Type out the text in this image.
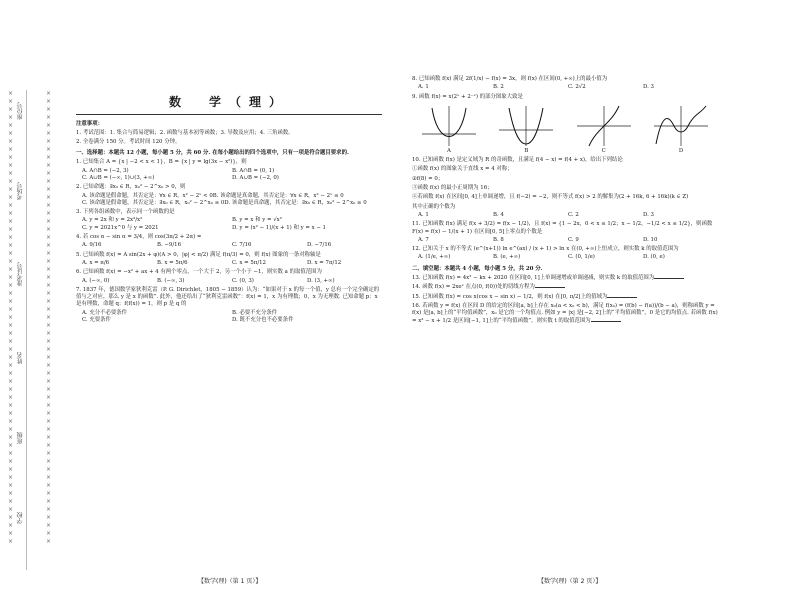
× × × × × × × × × × × × × × × × × × × × × × × × × × × × × × × × × × × × × × × × × × × × × × × × × × × × × × × × ×
× × × × × × × × × × × × × × × × × × × × × × × × × × × × × × × × × × × × × × × × × × × × × × × × × × × × × × × × ×
座位号
考场号
准考证号
姓名
班级
学校
数　学（理）
注意事项：

1. 考试范围：1. 集合与简易逻辑；2. 函数与基本初等函数；3. 导数及应用；4. 三角函数。

2. 全卷满分 150 分。考试时间 120 分钟。

一、选择题：本题共 12 小题，每小题 5 分，共 60 分. 在每小题给出的四个选项中，只有一项是符合题目要求的.
1. 已知集合 A = {x | −2 < x < 1}，B = {x | y = lg(3x − x²)}，则
A. A∩B = (−2, 3)	B. A∩B = (0, 1)
C. A∪B = (−∞, 1)∪(3, +∞)	D. A∪B = (−2, 0)
2. 已知命题：∃x₀ ∈ R，x₀² − 2^x₀ > 0，则
A. 该命题是假命题，其否定是：∀x ∈ R，x² − 2ˣ < 0 B. 该命题是真命题，其否定是：∀x ∈ R，x² − 2ˣ ≤ 0
C. 该命题是假命题，其否定是：∃x₀ ∈ R，x₀² − 2^x₀ ≤ 0 D. 该命题是真命题，其否定是：∃x₀ ∈ R，x₀² − 2^x₀ ≥ 0
3. 下列各组函数中，表示同一个函数的是
A. y = 2x 和 y = 2x³/x²	B. y = x 和 y = √x²
C. y = 2021x^0 与 y = 2021	D. y = (x² − 1)/(x + 1) 和 y = x − 1
4. 若 cos α − sin α = 3/4，则 cos(3π/2 + 2α) =
A. 9/16	B. −9/16	C. 7/16	D. −7/16
5. 已知函数 f(x) = A sin(2x + φ)(A > 0，|φ| < π/2) 满足 f(π/3) = 0，则 f(x) 图象的一条对称轴是
A. x = π/6	B. x = 5π/6	C. x = 5π/12	D. x = 7π/12
6. 已知函数 f(x) = −x² + ax + 4 有两个零点，一个大于 2，另一个小于 −1，则实数 a 的取值范围为
A. (−∞, 0)	B. (−∞, 3)	C. (0, 3)	D. (3, +∞)
7. 1837 年，德国数学家狄利克雷（P. G. Dirichlet，1805 − 1859）认为：“如果对于 x 的每一个值，y 总有一个完全确定的值与之对应，那么 y 是 x 的函数”. 此外，他还给出了“狄利克雷函数”：f(x) = 1，x 为有理数；0，x 为无理数. 已知命题 p：x 是有理数，命题 q：f(f(x)) = 1，则 p 是 q 的
A. 充分不必要条件	B. 必要不充分条件
C. 充要条件	D. 既不充分也不必要条件
8. 已知函数 f(x) 满足 2f(1/x) − f(x) = 3x，则 f(x) 在区间(0, +∞)上的最小值为
A. 1	B. 2	C. 2√2	D. 3
9. 函数 f(x) = x(2ˣ + 2⁻ˣ) 的部分图象大致是
A	B	C	D
10. 已知函数 f(x) 是定义域为 R 的奇函数，且满足 f(4 − x) = f(4 + x)，给出下列结论
①函数 f(x) 的图象关于直线 x = 4 对称；
②f(8) = 0；
③函数 f(x) 的最小正周期为 16；
④若函数 f(x) 在区间[0, 4]上单调递增，且 f(−2) = −2，则不等式 f(x) > 2 的解集为(2 + 16k, 6 + 16k)(k ∈ Z)
其中正确的个数为
A. 1	B. 4	C. 2	D. 3
11. 已知函数 f(x) 满足 f(x + 3/2) = f(x − 1/2)，且 f(x) = {1 − 2x，0 < x ≤ 1/2；x − 1/2，−1/2 < x ≤ 1/2}，则函数 F(x) = f(x) − 1/(x + 1) 在区间[0, 5]上零点的个数是
A. 7	B. 8	C. 9	D. 10
12. 已知关于 x 的不等式 (e^(x+1)) ln e^(ax) / (x + 1) > ln x 在(0, +∞)上恒成立，则实数 k 的取值范围为
A. (1/e, +∞)	B. (e, +∞)	C. (0, 1/e)	D. (0, e)
二、填空题：本题共 4 小题，每小题 5 分，共 20 分.
13. 已知函数 f(x) = 4x² − kx + 2020 在区间[0, 1]上单调递增或单调递减，则实数 k 的取值范围为
14. 函数 f(x) = 2xeˣ 在点(0, f(0))处的切线方程为
15. 已知函数 f(x) = cos x(cos x − sin x) − 1/2，则 f(x) 在[0, π/2]上的值域为
16. 若函数 y = f(x) 在区间 D 的给定的区间[a, b]上存在 x₀(a < x₀ < b)，满足 f(x₀) = (f(b) − f(a))/(b − a)，则称函数 y = f(x) 是[a, b]上的“平均值函数”，x₀ 是它的一个均值点. 例如 y = |x| 是[−2, 2]上的“平均值函数”，0 是它的均值点. 若函数 f(x) = x³ − x + 1/2 是区间[−1, 1]上的“平均值函数”，则实数 t 的取值范围为
【数学(理)（第 1 页）】	【数学(理)（第 2 页）】
